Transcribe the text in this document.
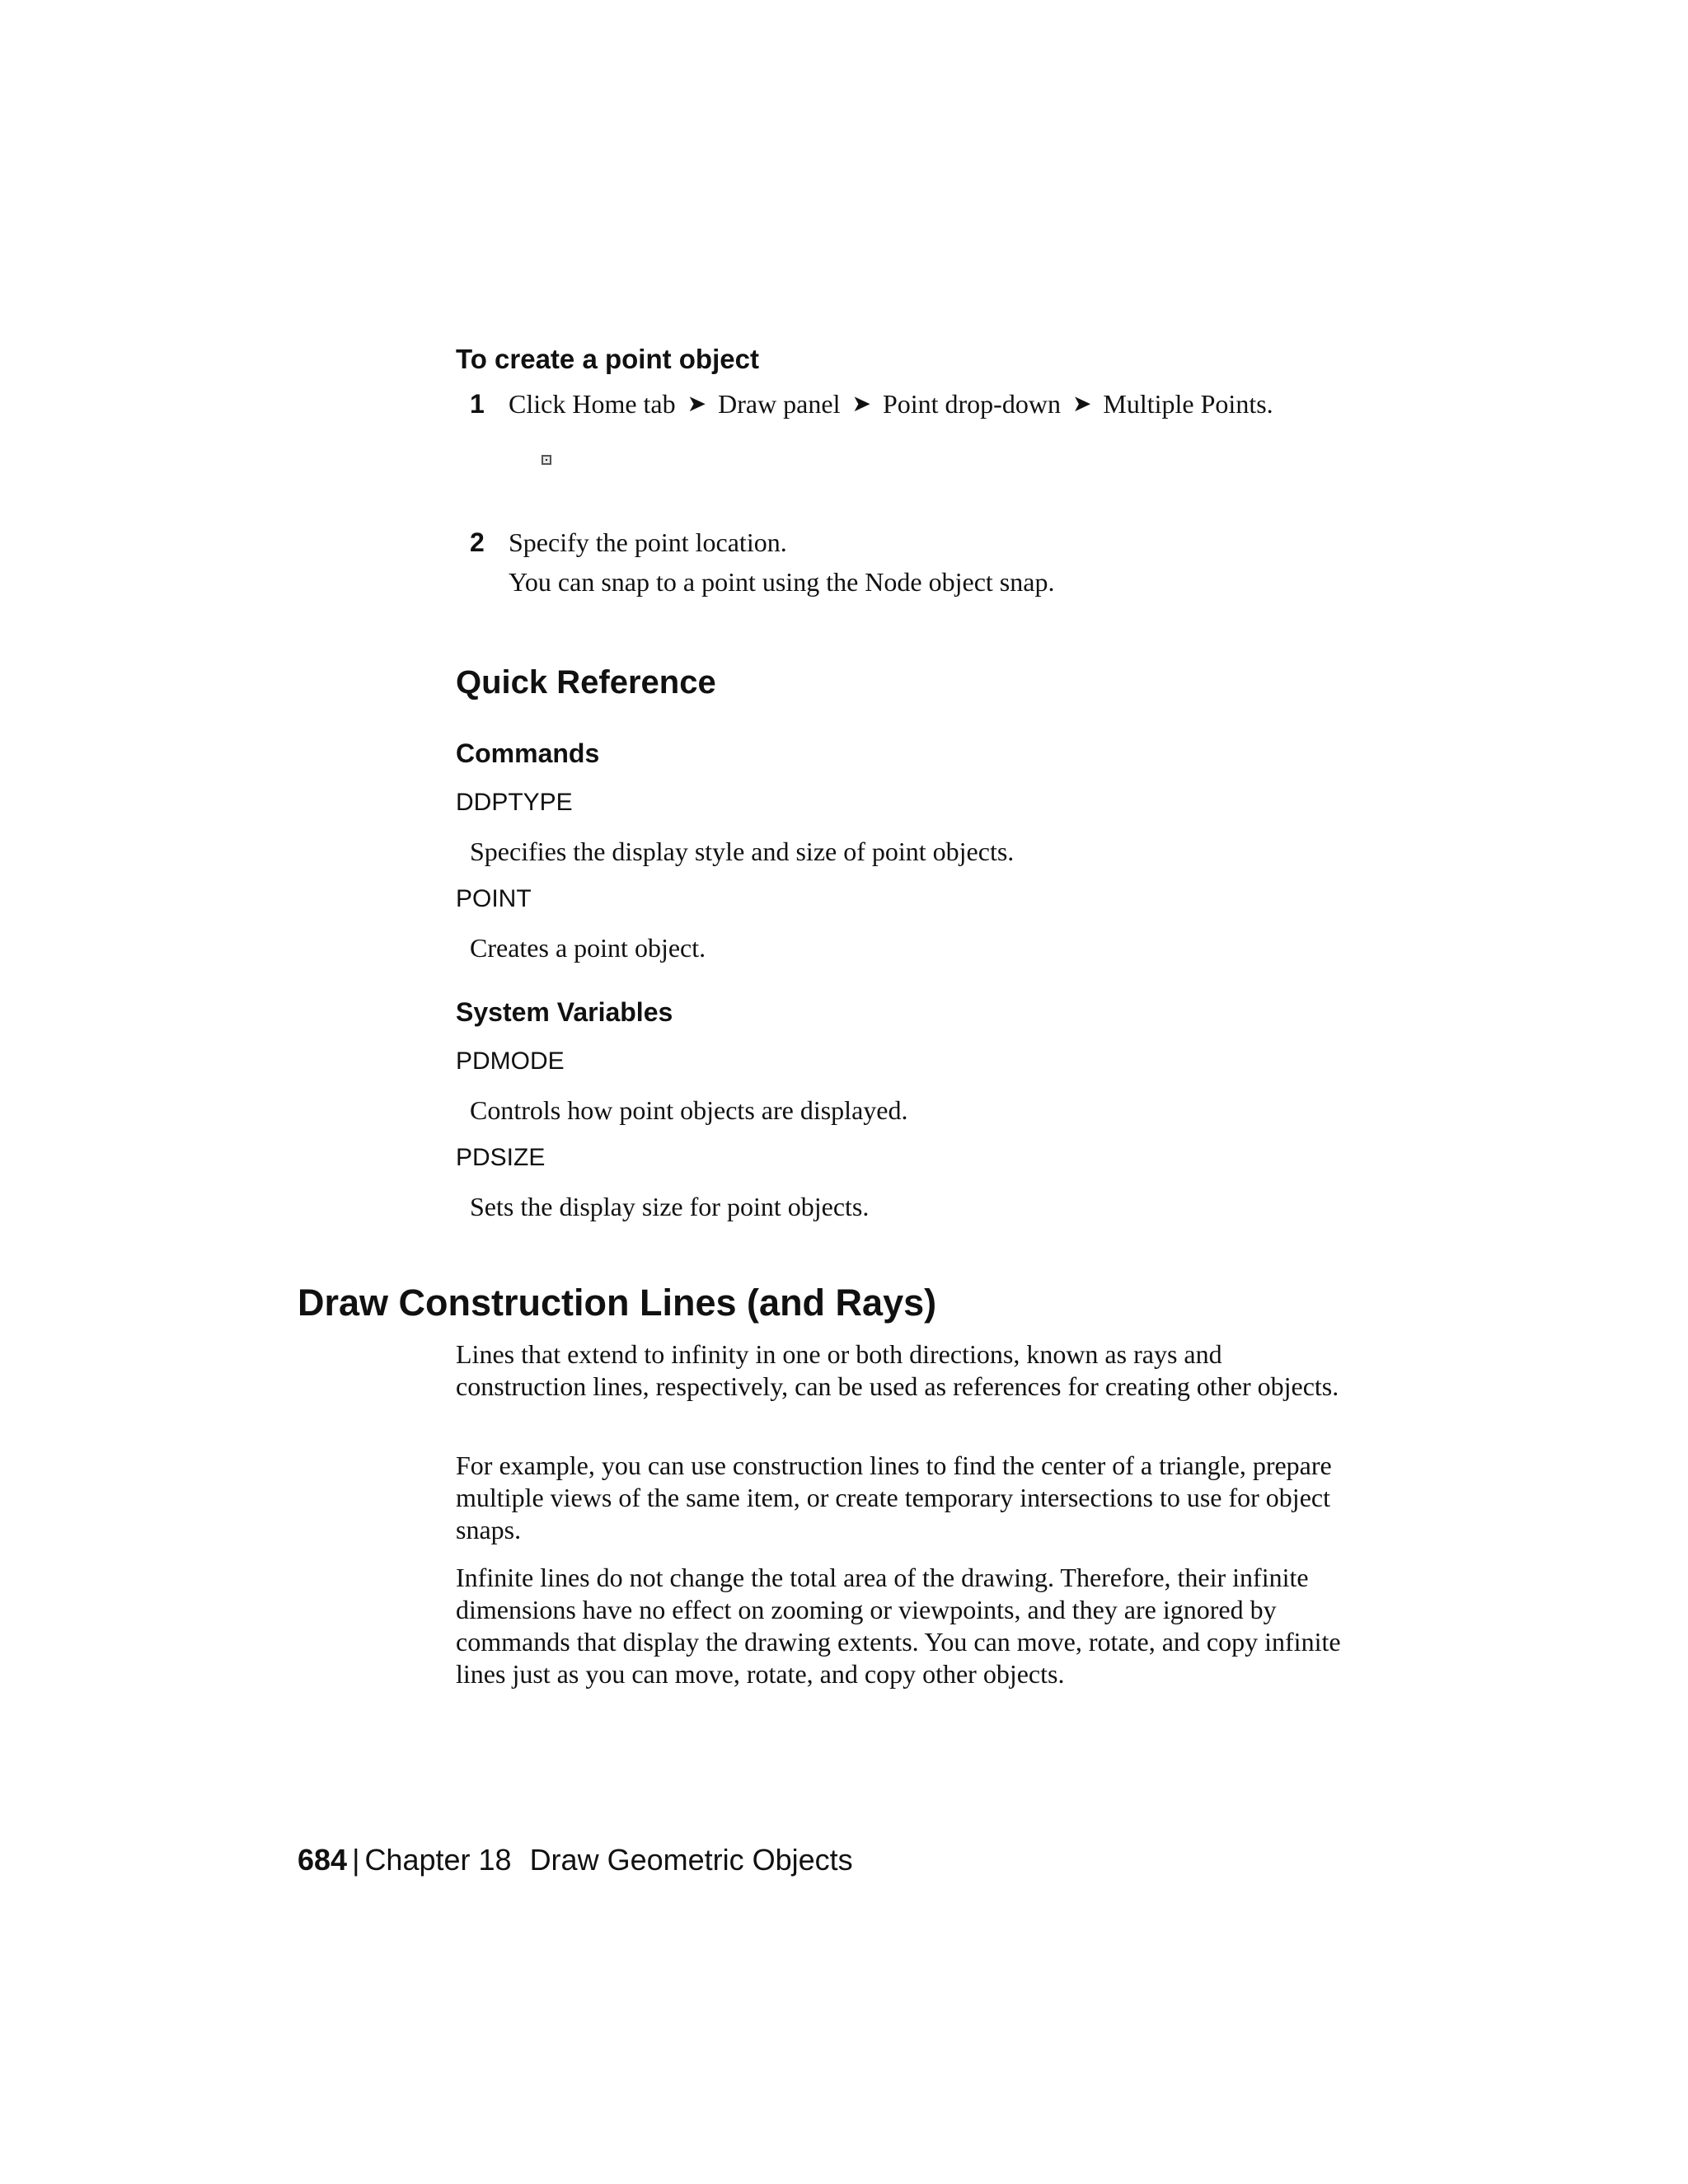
To create a point object
1 Click Home tab ➤ Draw panel ➤ Point drop-down ➤ Multiple Points.
2 Specify the point location.
You can snap to a point using the Node object snap.
Quick Reference
Commands
DDPTYPE
Specifies the display style and size of point objects.
POINT
Creates a point object.
System Variables
PDMODE
Controls how point objects are displayed.
PDSIZE
Sets the display size for point objects.
Draw Construction Lines (and Rays)
Lines that extend to infinity in one or both directions, known as rays and construction lines, respectively, can be used as references for creating other objects.
For example, you can use construction lines to find the center of a triangle, prepare multiple views of the same item, or create temporary intersections to use for object snaps.
Infinite lines do not change the total area of the drawing. Therefore, their infinite dimensions have no effect on zooming or viewpoints, and they are ignored by commands that display the drawing extents. You can move, rotate, and copy infinite lines just as you can move, rotate, and copy other objects.
684 | Chapter 18 Draw Geometric Objects
